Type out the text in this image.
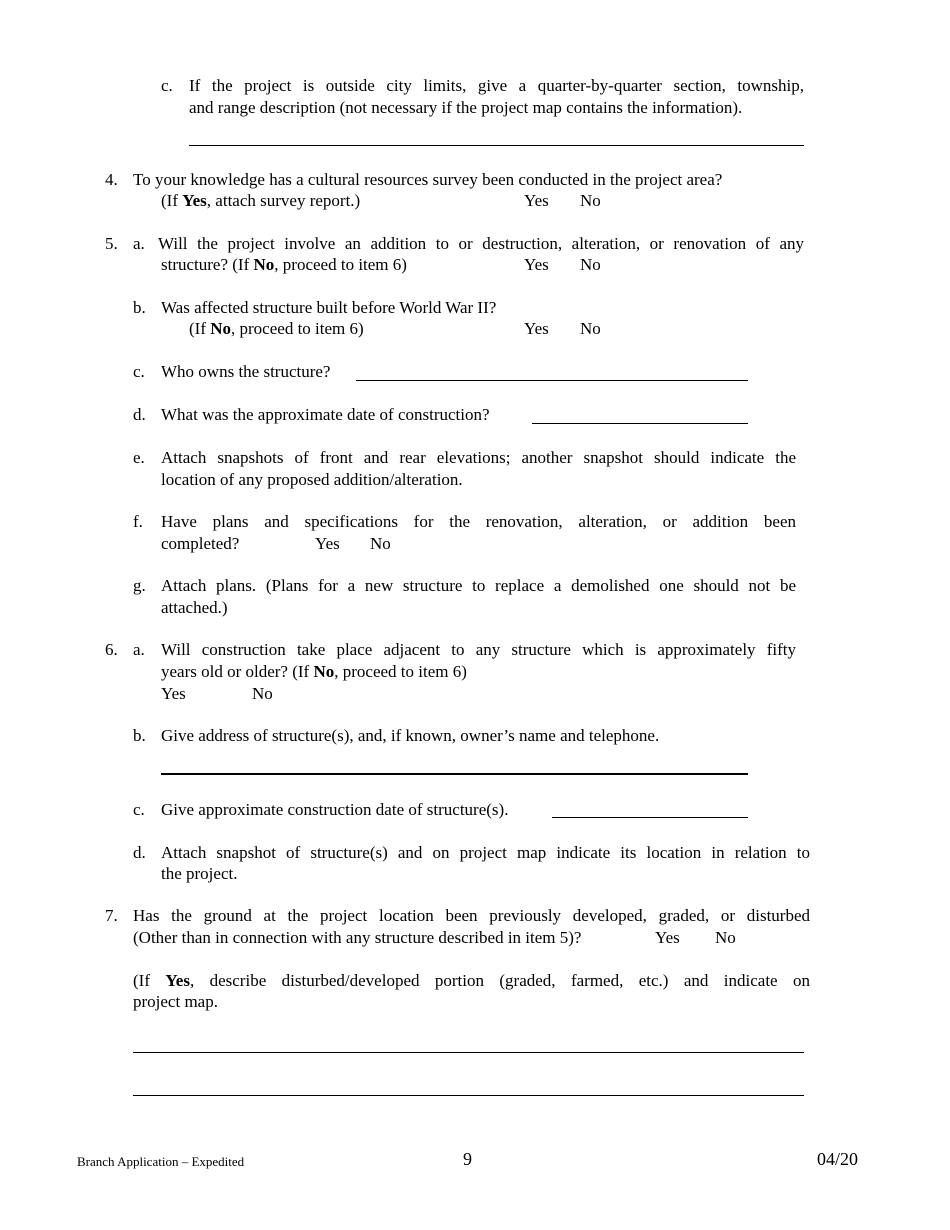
c. If the project is outside city limits, give a quarter-by-quarter section, township,
and range description (not necessary if the project map contains the information).
4. To your knowledge has a cultural resources survey been conducted in the project area?
(If Yes, attach survey report.)	Yes No
5. a. Will the project involve an addition to or destruction, alteration, or renovation of any
structure? (If No, proceed to item 6)	Yes No
b. Was affected structure built before World War II?
(If No, proceed to item 6)	Yes No
c. Who owns the structure?
d. What was the approximate date of construction?
e. Attach snapshots of front and rear elevations; another snapshot should indicate the
location of any proposed addition/alteration.
f. Have plans and specifications for the renovation, alteration, or addition been
completed?	Yes No
g. Attach plans. (Plans for a new structure to replace a demolished one should not be
attached.)
6. a. Will construction take place adjacent to any structure which is approximately fifty
years old or older? (If No, proceed to item 6)
Yes	No
b. Give address of structure(s), and, if known, owner’s name and telephone.
c. Give approximate construction date of structure(s).
d. Attach snapshot of structure(s) and on project map indicate its location in relation to
the project.
7. Has the ground at the project location been previously developed, graded, or disturbed
(Other than in connection with any structure described in item 5)?	Yes No
(If Yes, describe disturbed/developed portion (graded, farmed, etc.) and indicate on
project map.
Branch Application – Expedited	9	04/20
